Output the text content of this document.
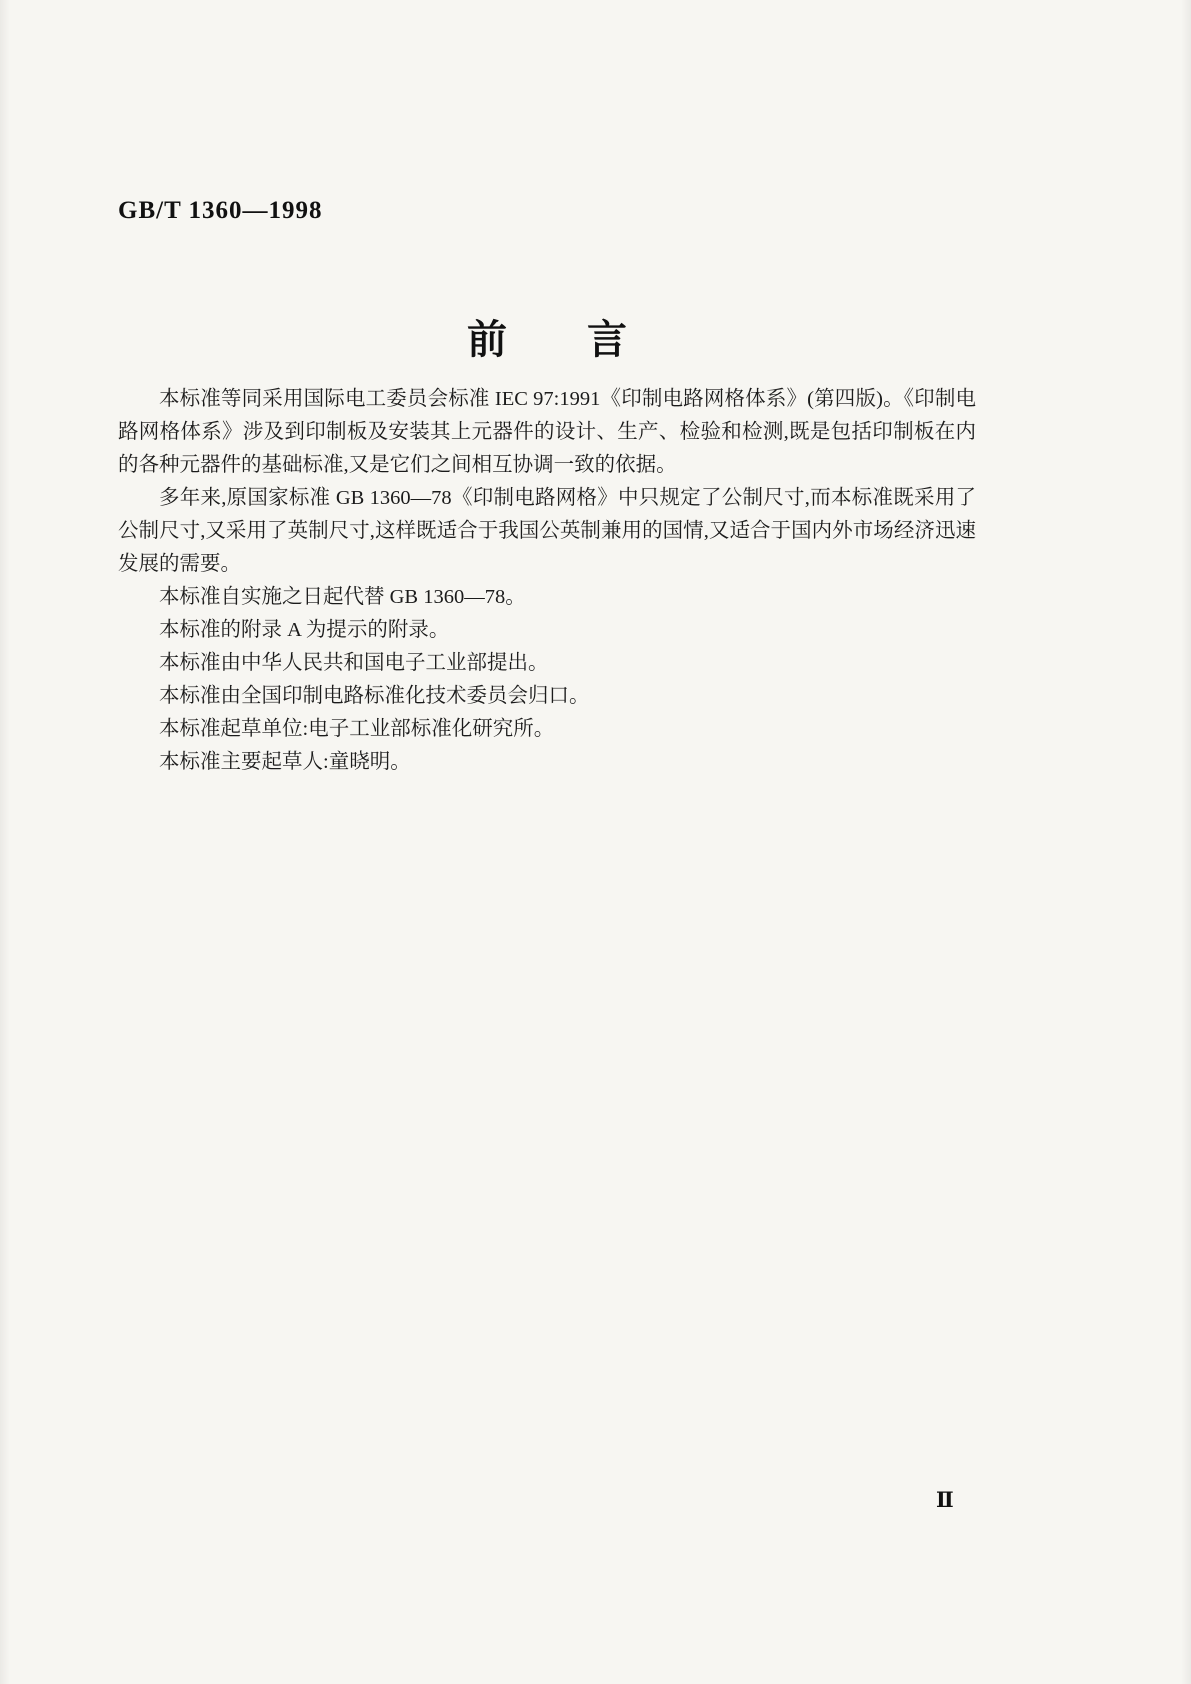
GB/T 1360—1998
前　　言

本标准等同采用国际电工委员会标准 IEC 97:1991《印制电路网格体系》(第四版)。《印制电路网格体系》涉及到印制板及安装其上元器件的设计、生产、检验和检测,既是包括印制板在内的各种元器件的基础标准,又是它们之间相互协调一致的依据。

多年来,原国家标准 GB 1360—78《印制电路网格》中只规定了公制尺寸,而本标准既采用了公制尺寸,又采用了英制尺寸,这样既适合于我国公英制兼用的国情,又适合于国内外市场经济迅速发展的需要。

本标准自实施之日起代替 GB 1360—78。

本标准的附录 A 为提示的附录。

本标准由中华人民共和国电子工业部提出。

本标准由全国印制电路标准化技术委员会归口。

本标准起草单位:电子工业部标准化研究所。

本标准主要起草人:童晓明。

Ⅱ
